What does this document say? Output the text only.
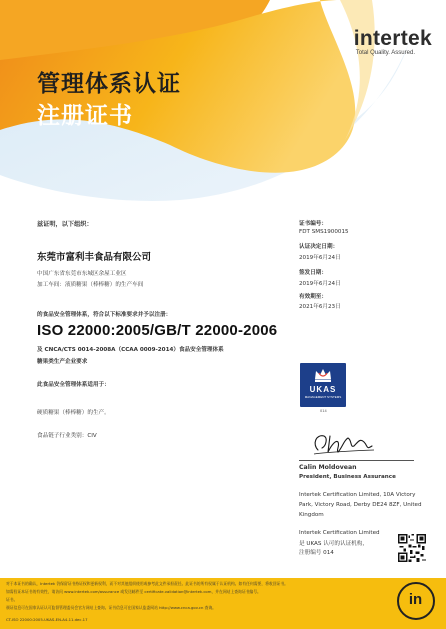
intertek
Total Quality. Assured.
管理体系认证
注册证书
兹证明，以下组织：
东莞市富利丰食品有限公司
中国广东省东莞市东城区余屋工业区
加工车间：液质糖果（棒棒糖）的生产车间
的食品安全管理体系，符合以下标准要求并予以注册：
ISO 22000:2005/GB/T 22000-2006
及 CNCA/CTS 0014-2008A（CCAA 0009-2014）食品安全管理体系
糖果类生产企业要求
此食品安全管理体系适用于：
硬质糖果（棒棒糖）的生产。
食品链子行业类别：CIV
证书编号：
FDT SMS1900015
认证决定日期：
2019年6月24日
签发日期：
2019年6月24日
有效期至：
2021年6月23日
UKAS
MANAGEMENT SYSTEMS
014
Calin Moldovean
President, Business Assurance
Intertek Certification Limited, 10A Victory
Park, Victory Road, Derby DE24 8ZF, United
Kingdom
Intertek Certification Limited
是 UKAS 认可的认证机构，
注册编号 014
对于本证书的确认，Intertek 仍保留证书持证权和更新权利，而不对其他组织使用或参考此文件承担责任。此证书的所有权属于认证机构。如有任何需要，将收回证书。
如需验证本证书的有效性，请访问 www.intertek.com/assurance 或发送邮件至 certificate.validation@intertek.com，并在网站上查询证书编号。
证书。
颁证信息可在国家认证认可监督管理委员会官方网站上查询。证书信息可在国家认监委网站 http://www.cnca.gov.cn 查询。
CT-ISO 22000:2005-UKAS-EN-A4-11.dec.17
in
